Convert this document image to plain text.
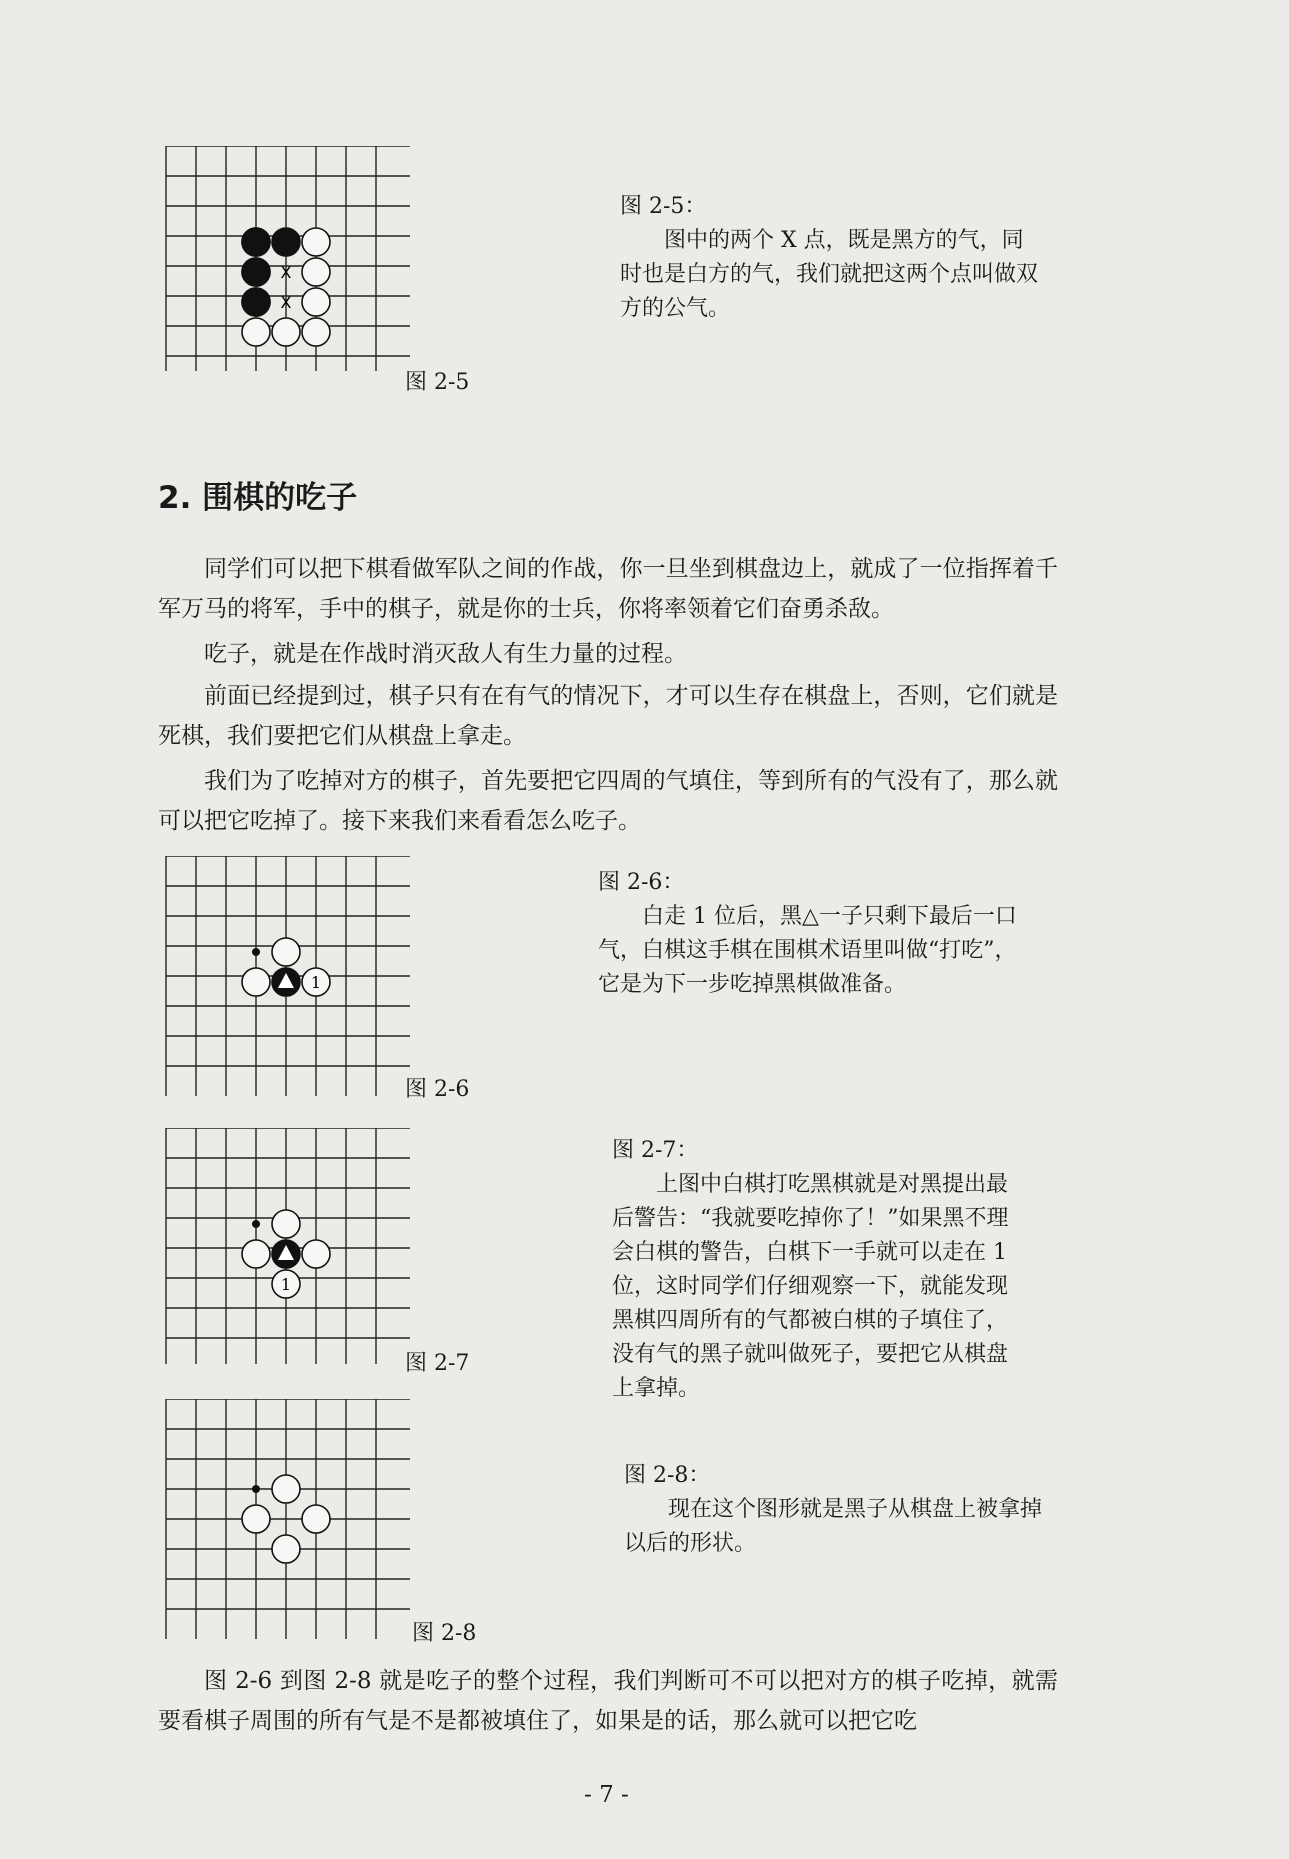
X
X
图 2-5

图 2-5：

图中的两个 X 点，既是黑方的气，同时也是白方的气，我们就把这两个点叫做双方的公气。

2. 围棋的吃子
同学们可以把下棋看做军队之间的作战，你一旦坐到棋盘边上，就成了一位指挥着千军万马的将军，手中的棋子，就是你的士兵，你将率领着它们奋勇杀敌。
吃子，就是在作战时消灭敌人有生力量的过程。
前面已经提到过，棋子只有在有气的情况下，才可以生存在棋盘上，否则，它们就是死棋，我们要把它们从棋盘上拿走。
我们为了吃掉对方的棋子，首先要把它四周的气填住，等到所有的气没有了，那么就可以把它吃掉了。接下来我们来看看怎么吃子。
1
图 2-6

图 2-6：

白走 1 位后，黑△一子只剩下最后一口气，白棋这手棋在围棋术语里叫做“打吃”，它是为下一步吃掉黑棋做准备。

1
图 2-7

图 2-7：

上图中白棋打吃黑棋就是对黑提出最后警告：“我就要吃掉你了！”如果黑不理会白棋的警告，白棋下一手就可以走在 1 位，这时同学们仔细观察一下，就能发现黑棋四周所有的气都被白棋的子填住了，没有气的黑子就叫做死子，要把它从棋盘上拿掉。

图 2-8

图 2-8：

现在这个图形就是黑子从棋盘上被拿掉以后的形状。

图 2-6 到图 2-8 就是吃子的整个过程，我们判断可不可以把对方的棋子吃掉，就需要看棋子周围的所有气是不是都被填住了，如果是的话，那么就可以把它吃
- 7 -
